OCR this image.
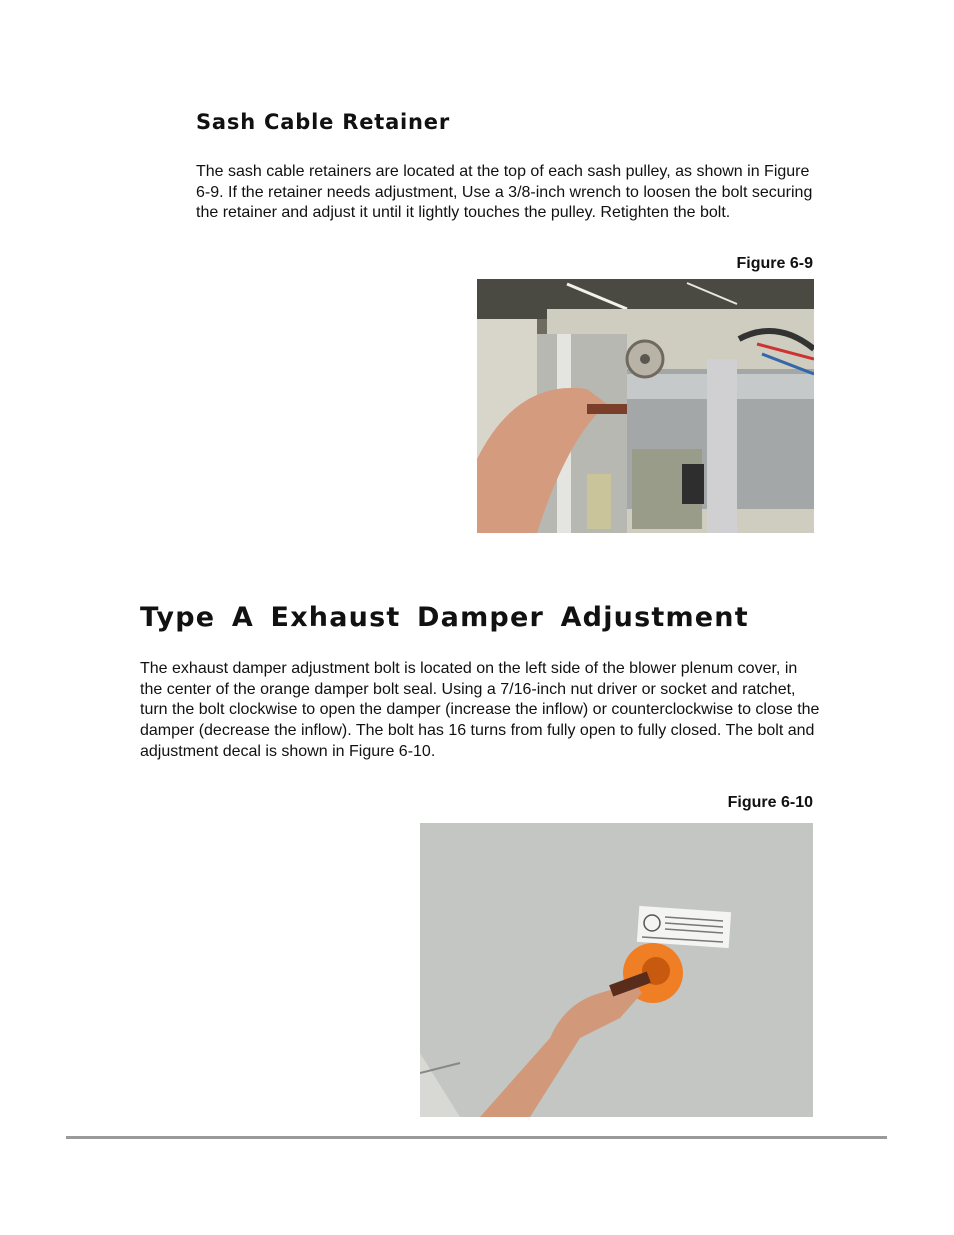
Sash Cable Retainer

The sash cable retainers are located at the top of each sash pulley, as shown in Figure 6-9. If the retainer needs adjustment, Use a 3/8-inch wrench to loosen the bolt securing the retainer and adjust it until it lightly touches the pulley. Retighten the bolt.

Figure 6-9

Type A Exhaust Damper Adjustment

The exhaust damper adjustment bolt is located on the left side of the blower plenum cover, in the center of the orange damper bolt seal. Using a 7/16-inch nut driver or socket and ratchet, turn the bolt clockwise to open the damper (increase the inflow) or counterclockwise to close the damper (decrease the inflow). The bolt has 16 turns from fully open to fully closed. The bolt and adjustment decal is shown in Figure 6-10.

Figure 6-10
